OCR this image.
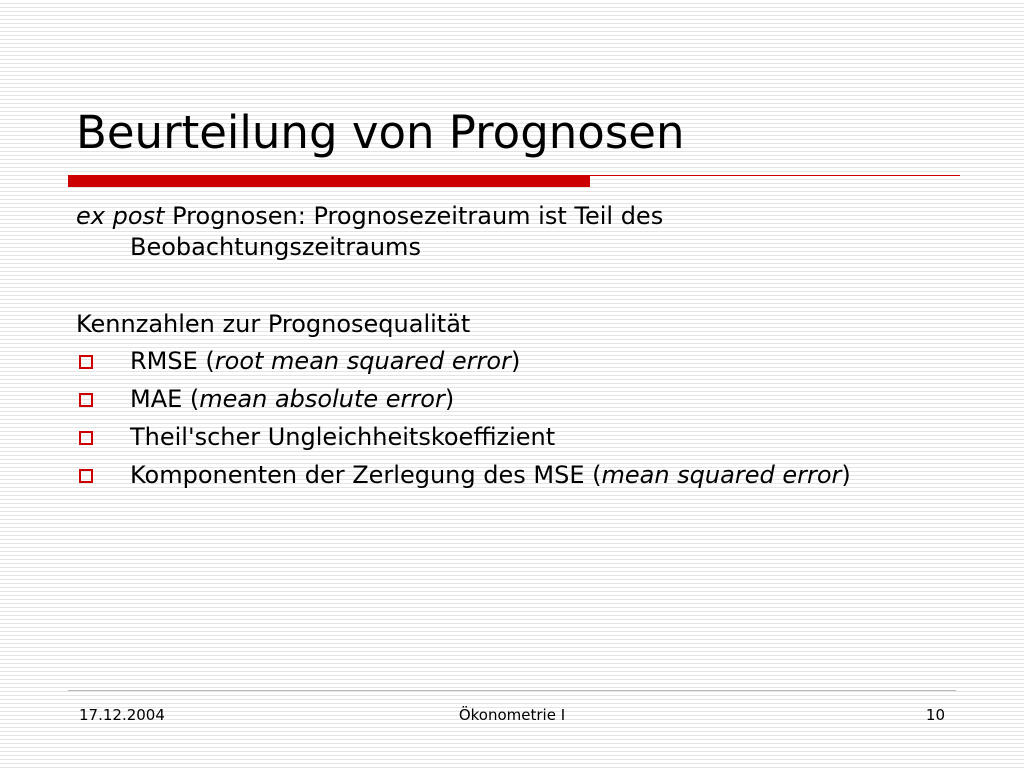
Beurteilung von Prognosen

ex post Prognosen: Prognosezeitraum ist Teil des Beobachtungszeitraums

Kennzahlen zur Prognosequalität

RMSE (root mean squared error)
MAE (mean absolute error)
Theil'scher Ungleichheitskoeffizient
Komponenten der Zerlegung des MSE (mean squared error)
17.12.2004	Ökonometrie I	10
